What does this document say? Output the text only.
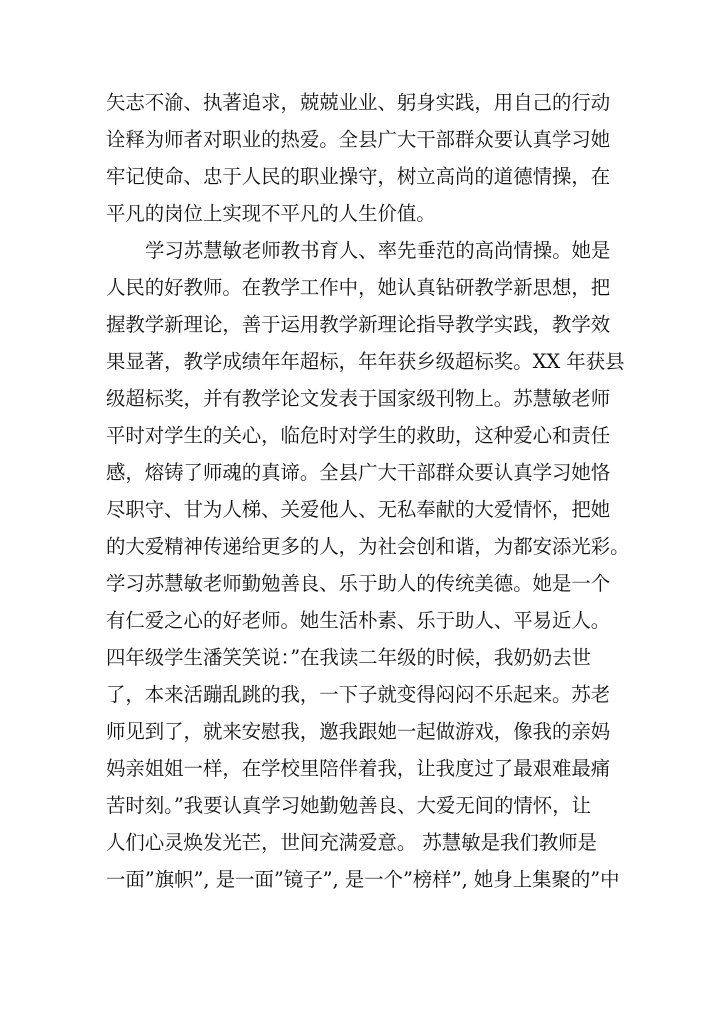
矢志不渝、执著追求，兢兢业业、躬身实践，用自己的行动
诠释为师者对职业的热爱。全县广大干部群众要认真学习她
牢记使命、忠于人民的职业操守，树立高尚的道德情操，在
平凡的岗位上实现不平凡的人生价值。
学习苏慧敏老师教书育人、率先垂范的高尚情操。她是
人民的好教师。在教学工作中，她认真钻研教学新思想，把
握教学新理论，善于运用教学新理论指导教学实践，教学效
果显著，教学成绩年年超标，年年获乡级超标奖。XX 年获县
级超标奖，并有教学论文发表于国家级刊物上。苏慧敏老师
平时对学生的关心，临危时对学生的救助，这种爱心和责任
感，熔铸了师魂的真谛。全县广大干部群众要认真学习她恪
尽职守、甘为人梯、关爱他人、无私奉献的大爱情怀，把她
的大爱精神传递给更多的人，为社会创和谐，为都安添光彩。
学习苏慧敏老师勤勉善良、乐于助人的传统美德。她是一个
有仁爱之心的好老师。她生活朴素、乐于助人、平易近人。
四年级学生潘笑笑说：”在我读二年级的时候，我奶奶去世
了，本来活蹦乱跳的我，一下子就变得闷闷不乐起来。苏老
师见到了，就来安慰我，邀我跟她一起做游戏，像我的亲妈
妈亲姐姐一样，在学校里陪伴着我，让我度过了最艰难最痛
苦时刻。”我要认真学习她勤勉善良、大爱无间的情怀，让
人们心灵焕发光芒，世间充满爱意。 苏慧敏是我们教师是
一面”旗帜”, 是一面”镜子”, 是一个”榜样”, 她身上集聚的”中
